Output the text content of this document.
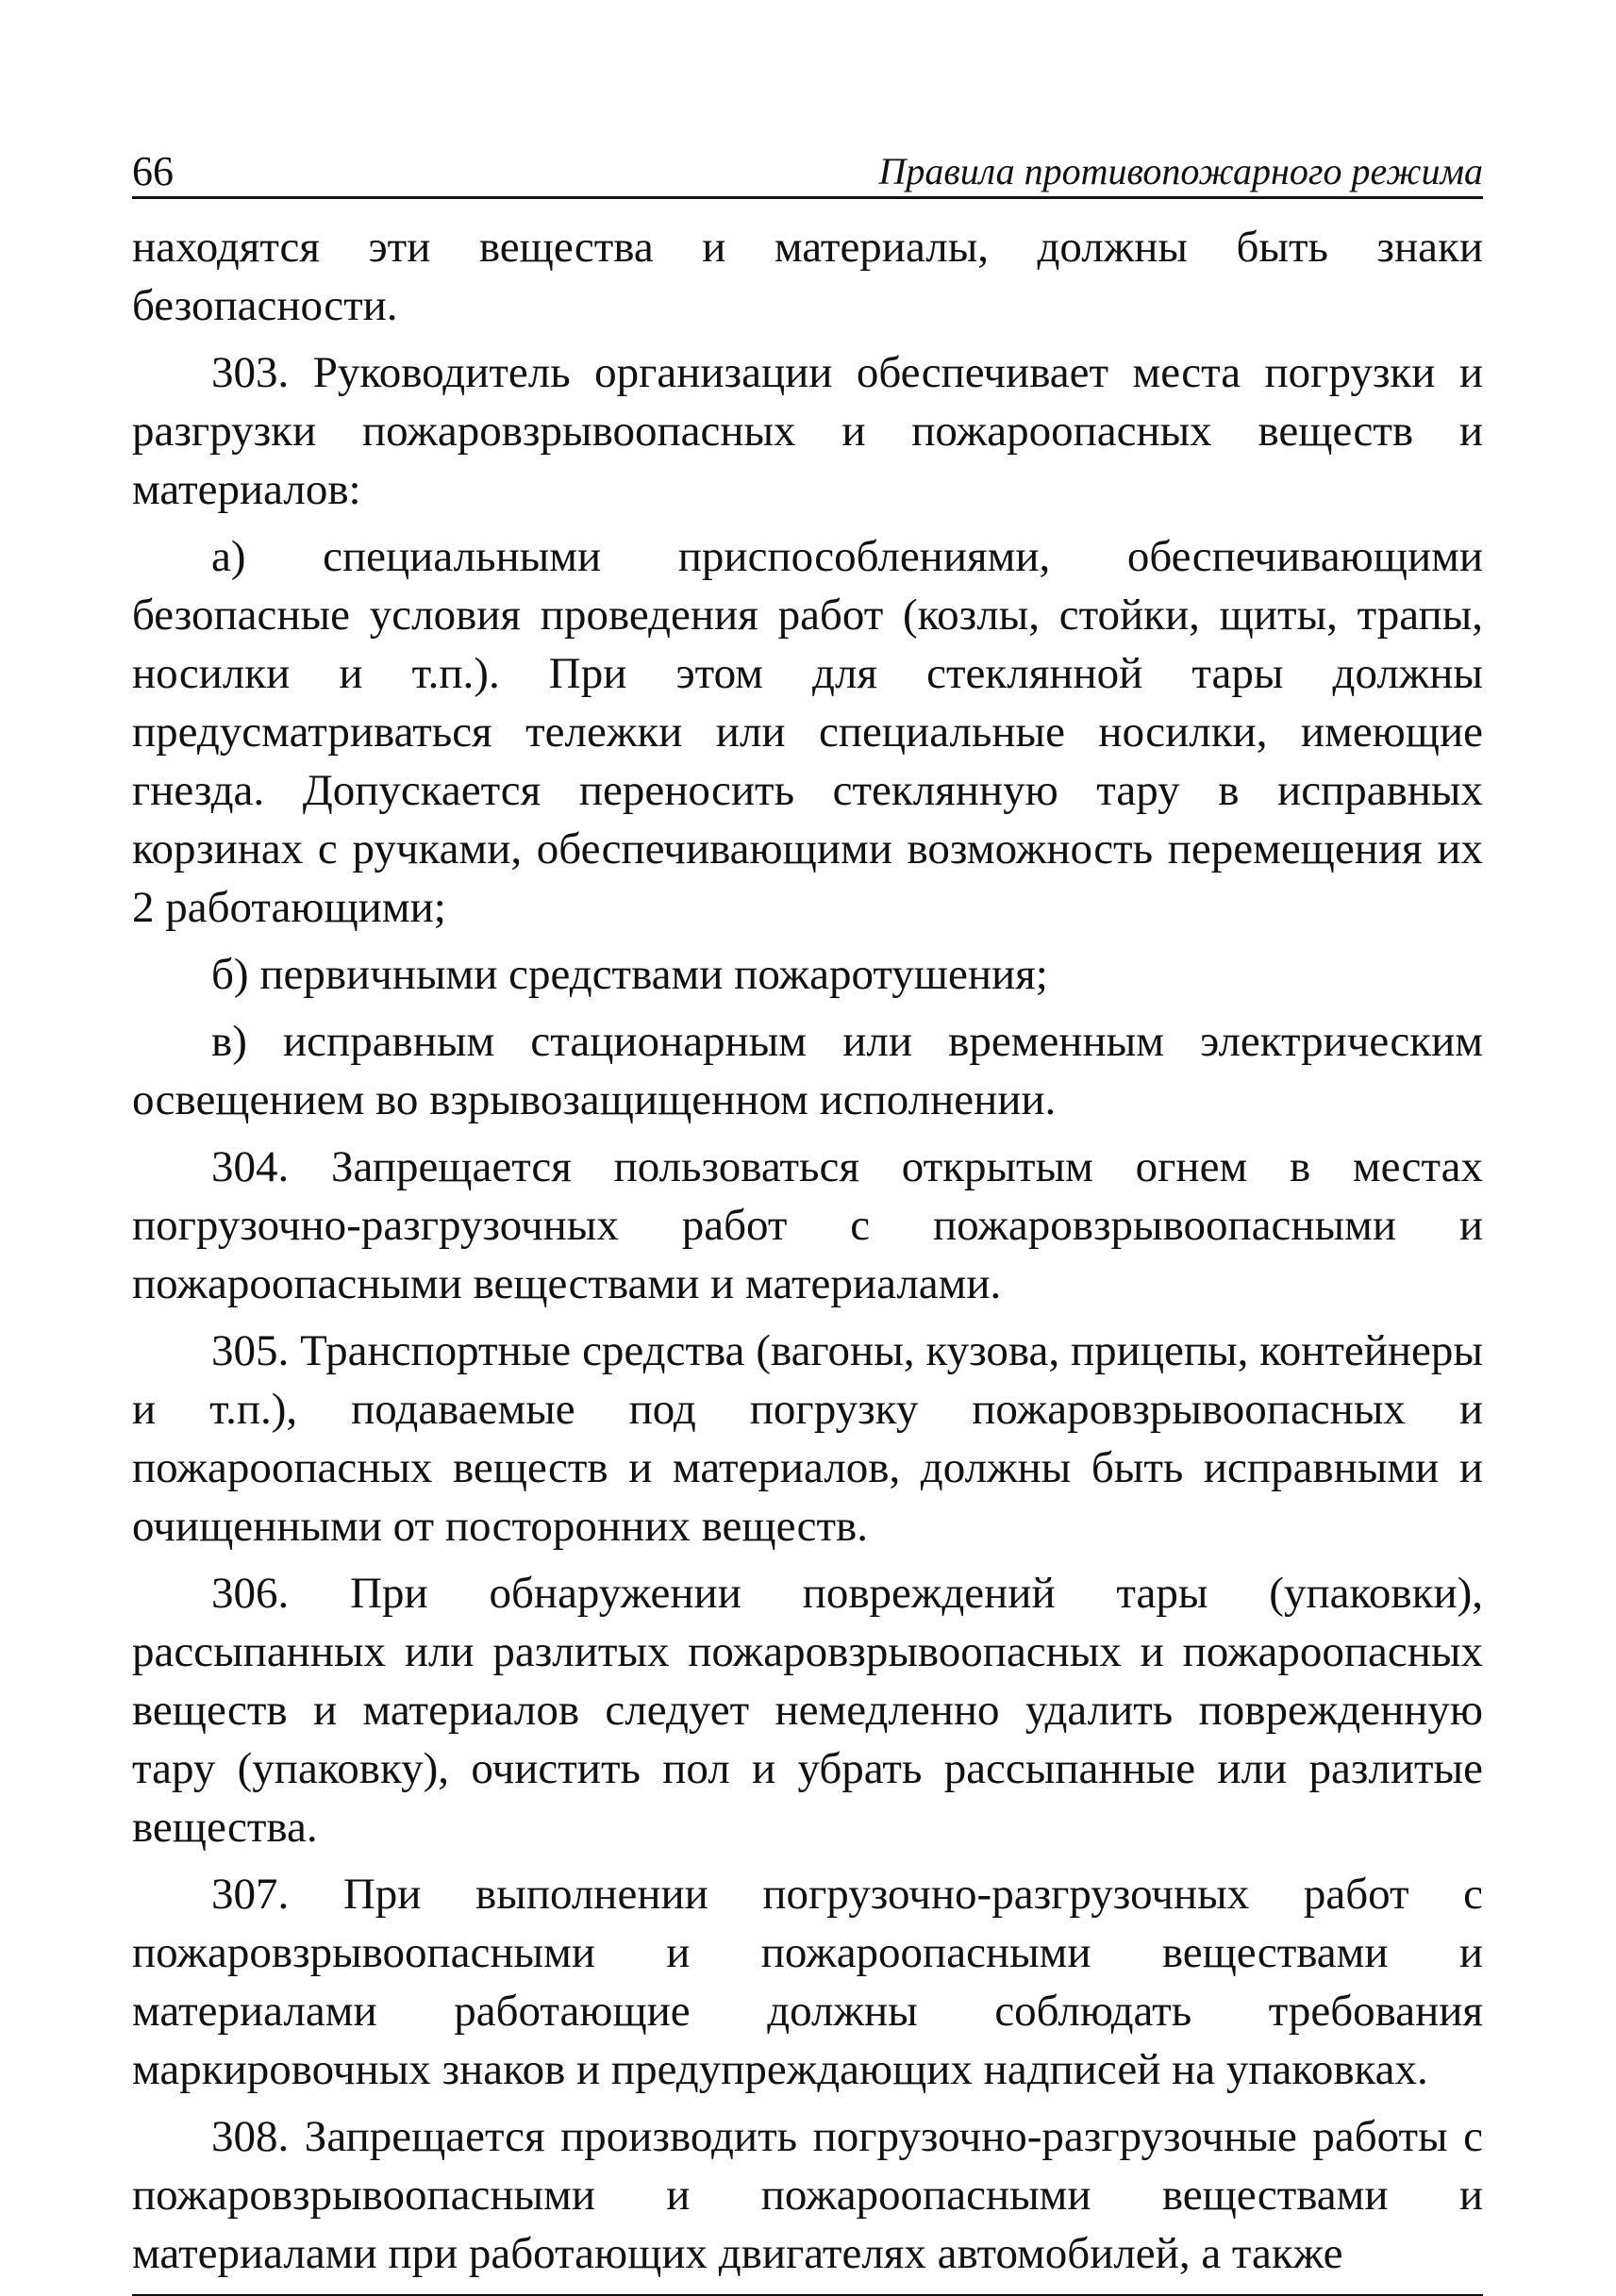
66	Правила противопожарного режима

находятся эти вещества и материалы, должны быть знаки безопасности.

303. Руководитель организации обеспечивает места погрузки и разгрузки пожаровзрывоопасных и пожароопасных веществ и материалов:

а) специальными приспособлениями, обеспечивающими безопасные условия проведения работ (козлы, стойки, щиты, трапы, носилки и т.п.). При этом для стеклянной тары должны предусматриваться тележки или специальные носилки, имеющие гнезда. Допускается переносить стеклянную тару в исправных корзинах с ручками, обеспечивающими возможность перемещения их 2 работающими;

б) первичными средствами пожаротушения;

в) исправным стационарным или временным электрическим освещением во взрывозащищенном исполнении.

304. Запрещается пользоваться открытым огнем в местах погрузочно-разгрузочных работ с пожаровзрывоопасными и пожароопасными веществами и материалами.

305. Транспортные средства (вагоны, кузова, прицепы, контейнеры и т.п.), подаваемые под погрузку пожаровзрывоопасных и пожароопасных веществ и материалов, должны быть исправными и очищенными от посторонних веществ.

306. При обнаружении повреждений тары (упаковки), рассыпанных или разлитых пожаровзрывоопасных и пожароопасных веществ и материалов следует немедленно удалить поврежденную тару (упаковку), очистить пол и убрать рассыпанные или разлитые вещества.

307. При выполнении погрузочно-разгрузочных работ с пожаровзрывоопасными и пожароопасными веществами и материалами работающие должны соблюдать требования маркировочных знаков и предупреждающих надписей на упаковках.

308. Запрещается производить погрузочно-разгрузочные работы с пожаровзрывоопасными и пожароопасными веществами и материалами при работающих двигателях автомобилей, а также
